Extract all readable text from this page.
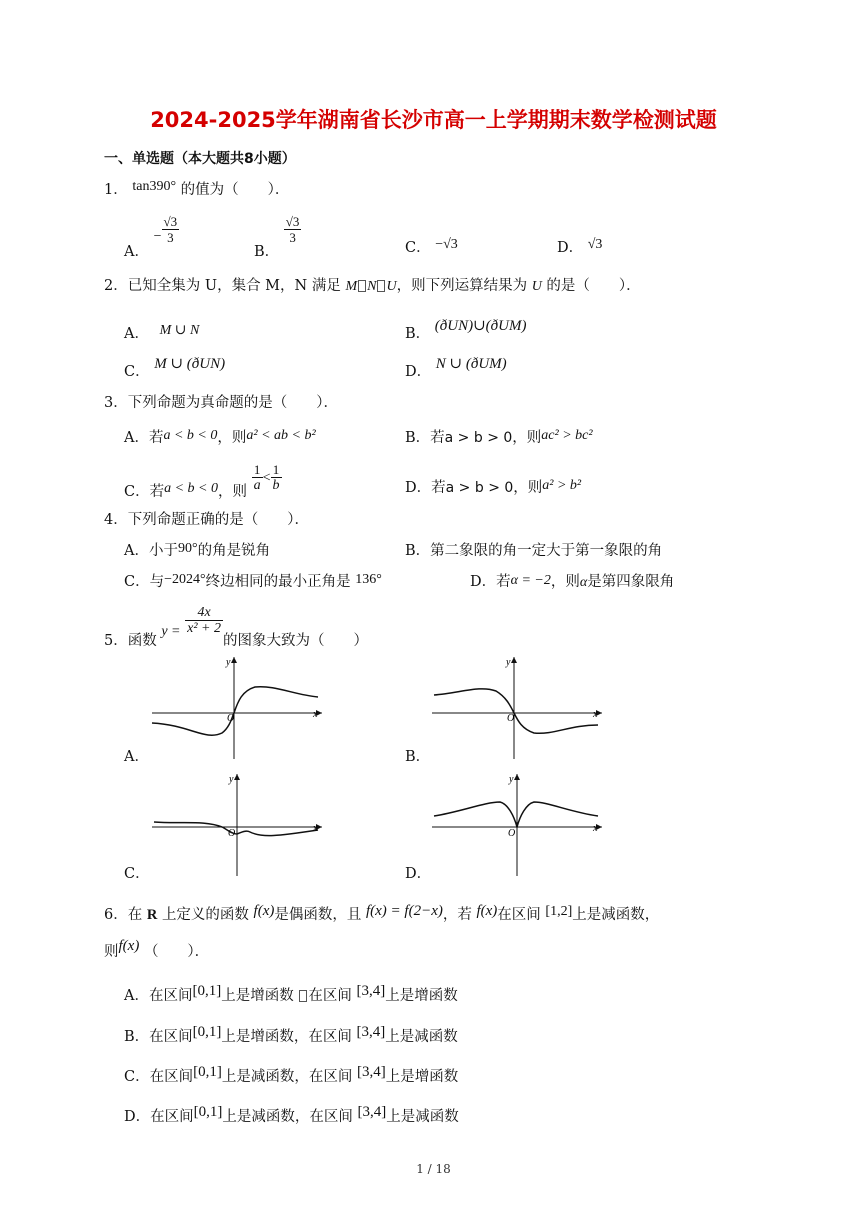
2024-2025学年湖南省长沙市高一上学期期末数学检测试题
一、单选题（本大题共8小题）
1． tan390° 的值为（　　）．
A． − $\frac{√3}{3}$
B．
$\frac{√3}{3}$
C． −√3	D． √3
2．已知全集为 U，集合 M，N 满足 M N U，则下列运算结果为 U 的是（　　）．
A． M ∪ N	B． (ðUN)∪(ðUM)
C． M ∪ (ðUN)	D． N ∪ (ðUM)
3．下列命题为真命题的是（　　）．
A．若a < b < 0，则a² < ab < b²	B．若a > b > 0，则ac² > bc²
C．若a < b < 0，则 $\frac{1}{a} < \frac{1}{b}$	D．若a > b > 0，则a² > b²
4．下列命题正确的是（　　）．
A．小于90°的角是锐角	B．第二象限的角一定大于第一象限的角
C．与−2024°终边相同的最小正角是 136°	D．若α = −2，则α是第四象限角
5．函数 $y = \frac{4x}{\text{x² + 2}}$
的图象大致为（　　）
x
y
O
A．
x
y
O
B．
x
y
O
C．
x
y
O
D．
6．在 R 上定义的函数 f(x)是偶函数，且 f(x) = f(2−x)，若 f(x)在区间 [1,2]上是减函数，
则f(x) （　　）．
A．在区间[0,1]上是增函数 在区间 [3,4]上是增函数
B．在区间[0,1]上是增函数，在区间 [3,4]上是减函数
C．在区间[0,1]上是减函数，在区间 [3,4]上是增函数
D．在区间[0,1]上是减函数，在区间 [3,4]上是减函数
1 / 18
